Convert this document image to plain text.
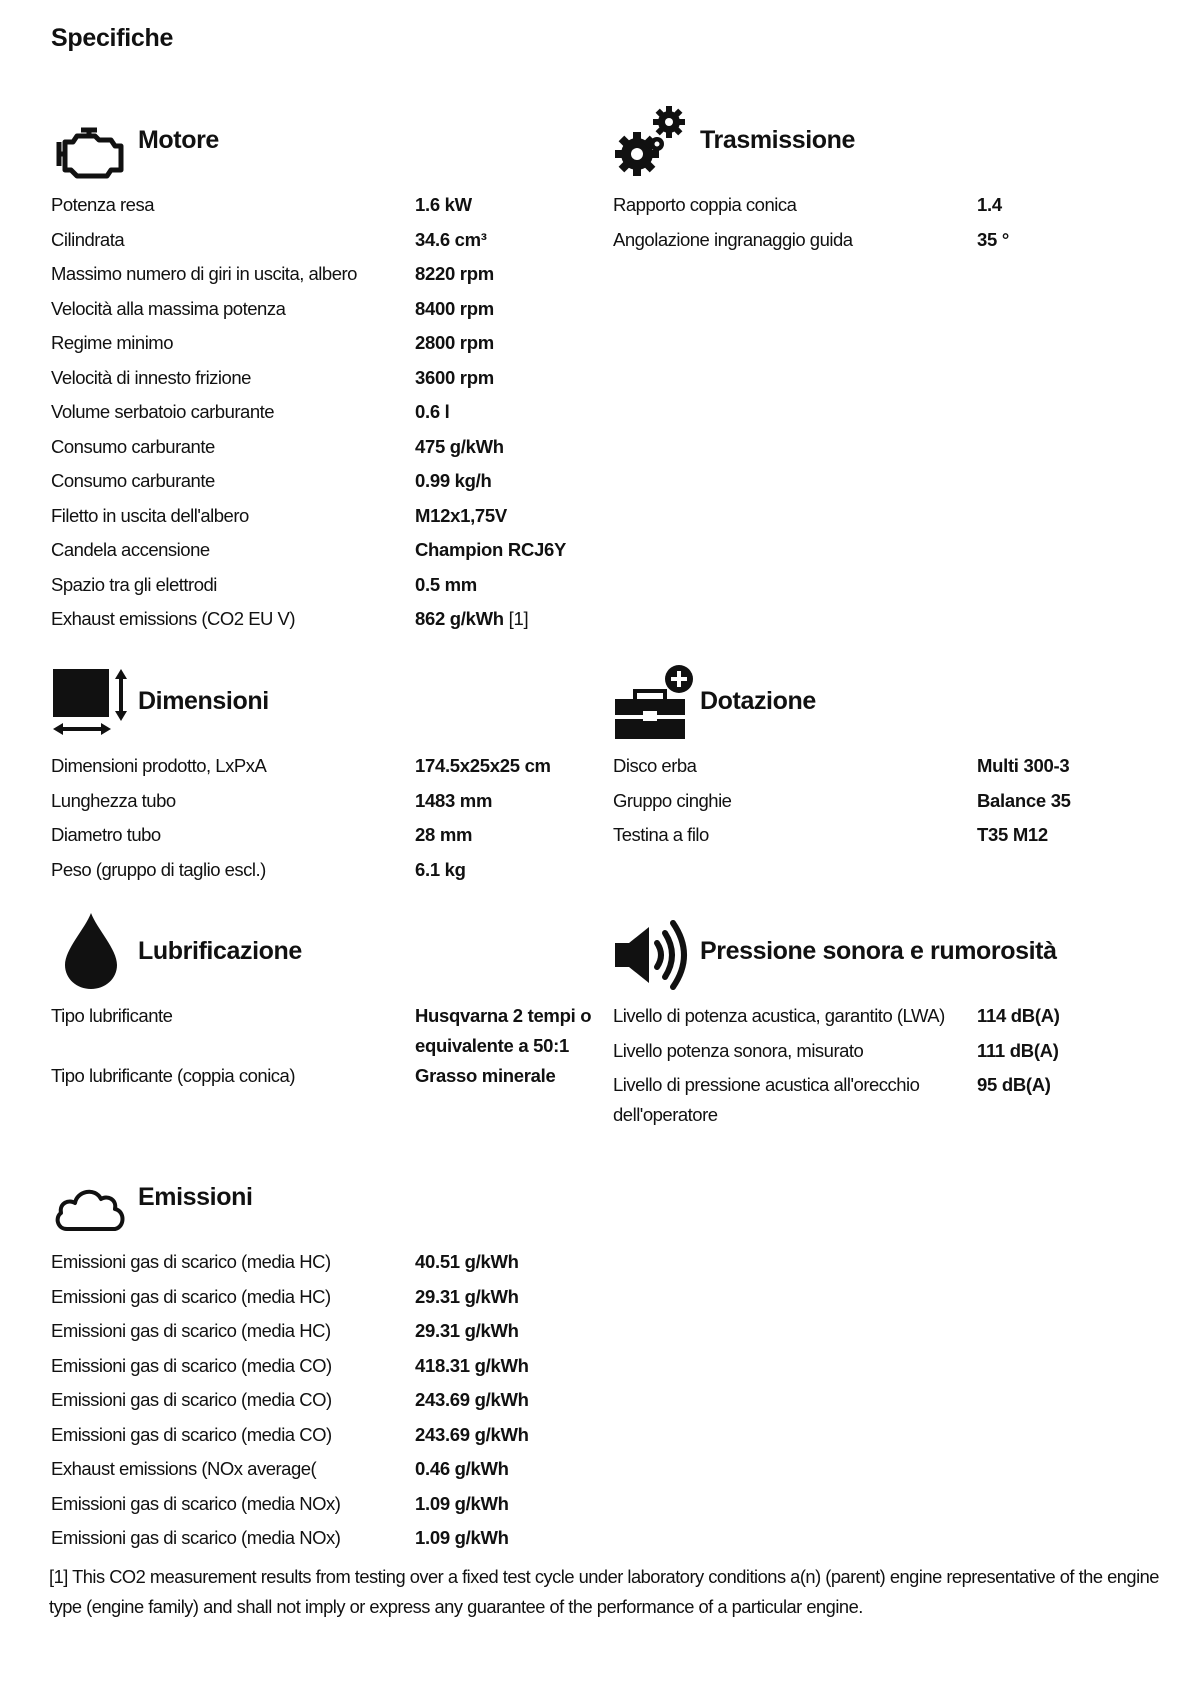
Specifiche
Motore
Potenza resa	1.6 kW
Cilindrata	34.6 cm³
Massimo numero di giri in uscita, albero	8220 rpm
Velocità alla massima potenza	8400 rpm
Regime minimo	2800 rpm
Velocità di innesto frizione	3600 rpm
Volume serbatoio carburante	0.6 l
Consumo carburante	475 g/kWh
Consumo carburante	0.99 kg/h
Filetto in uscita dell'albero	M12x1,75V
Candela accensione	Champion RCJ6Y
Spazio tra gli elettrodi	0.5 mm
Exhaust emissions (CO2 EU V)	862 g/kWh [1]
Trasmissione
Rapporto coppia conica	1.4
Angolazione ingranaggio guida	35 °
Dimensioni
Dimensioni prodotto, LxPxA	174.5x25x25 cm
Lunghezza tubo	1483 mm
Diametro tubo	28 mm
Peso (gruppo di taglio escl.)	6.1 kg
Dotazione
Disco erba	Multi 300-3
Gruppo cinghie	Balance 35
Testina a filo	T35 M12
Lubrificazione
Tipo lubrificante	Husqvarna 2 tempi o equivalente a 50:1
Tipo lubrificante (coppia conica)	Grasso minerale
Pressione sonora e rumorosità
Livello di potenza acustica, garantito (LWA)	114 dB(A)
Livello potenza sonora, misurato	111 dB(A)
Livello di pressione acustica all'orecchio dell'operatore	95 dB(A)
Emissioni
Emissioni gas di scarico (media HC)	40.51 g/kWh
Emissioni gas di scarico (media HC)	29.31 g/kWh
Emissioni gas di scarico (media HC)	29.31 g/kWh
Emissioni gas di scarico (media CO)	418.31 g/kWh
Emissioni gas di scarico (media CO)	243.69 g/kWh
Emissioni gas di scarico (media CO)	243.69 g/kWh
Exhaust emissions (NOx average(	0.46 g/kWh
Emissioni gas di scarico (media NOx)	1.09 g/kWh
Emissioni gas di scarico (media NOx)	1.09 g/kWh
[1] This CO2 measurement results from testing over a fixed test cycle under laboratory conditions a(n) (parent) engine representative of the engine type (engine family) and shall not imply or express any guarantee of the performance of a particular engine.
